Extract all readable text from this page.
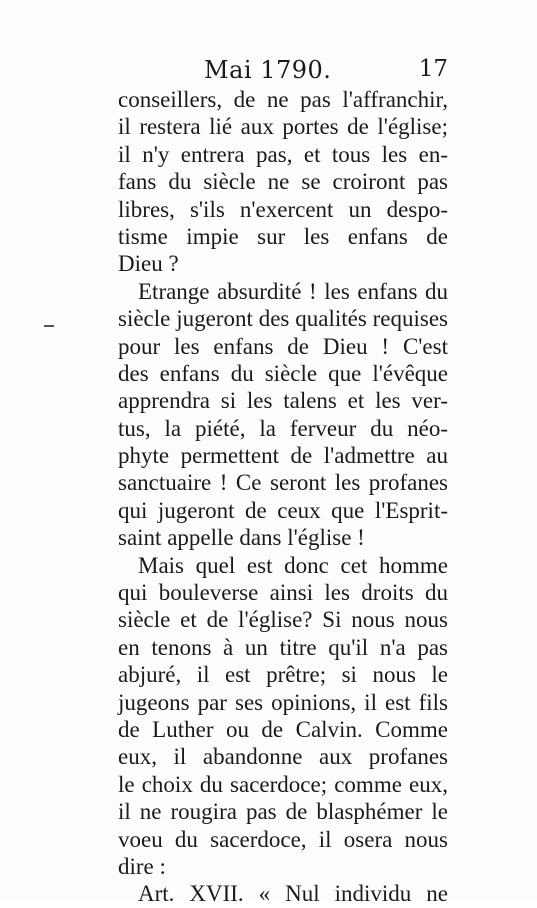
Mai 1790.	17
conseillers, de ne pas l'affranchir,
il restera lié aux portes de l'église;
il n'y entrera pas, et tous les en-
fans du siècle ne se croiront pas
libres, s'ils n'exercent un despo-
tisme impie sur les enfans de
Dieu ?
Etrange absurdité ! les enfans du
siècle jugeront des qualités requises
pour les enfans de Dieu ! C'est
des enfans du siècle que l'évêque
apprendra si les talens et les ver-
tus, la piété, la ferveur du néo-
phyte permettent de l'admettre au
sanctuaire ! Ce seront les profanes
qui jugeront de ceux que l'Esprit-
saint appelle dans l'église !
Mais quel est donc cet homme
qui bouleverse ainsi les droits du
siècle et de l'église? Si nous nous
en tenons à un titre qu'il n'a pas
abjuré, il est prêtre; si nous le
jugeons par ses opinions, il est fils
de Luther ou de Calvin. Comme
eux, il abandonne aux profanes
le choix du sacerdoce; comme eux,
il ne rougira pas de blasphémer le
voeu du sacerdoce, il osera nous
dire :
Art. XVII. « Nul individu ne
